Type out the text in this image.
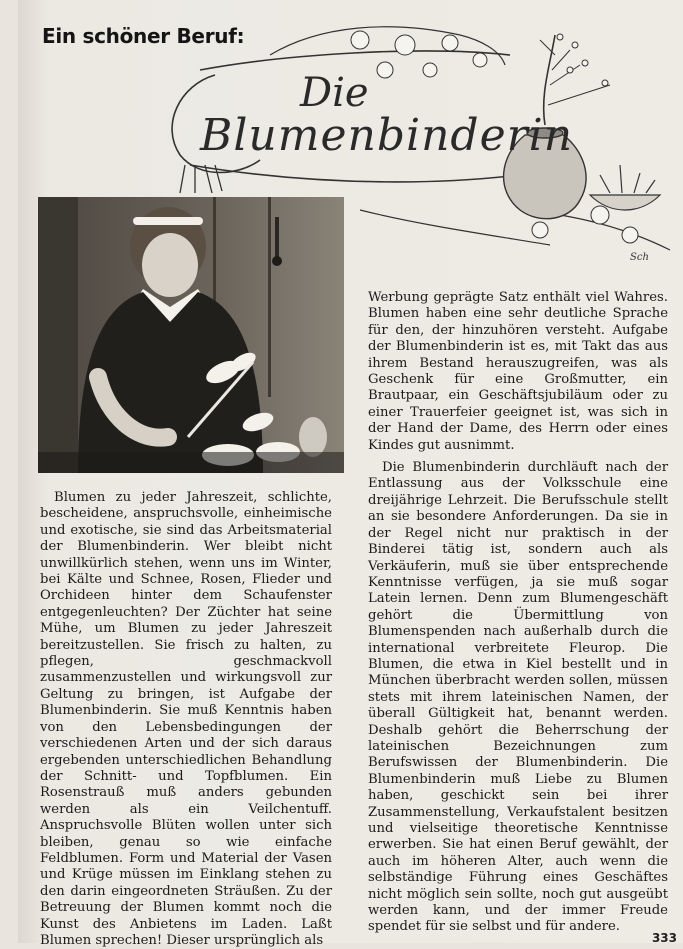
Sch
Ein schöner Beruf:
Die
Blumenbinderin

Blumen zu jeder Jahreszeit, schlichte, bescheidene, anspruchsvolle, einheimische und exotische, sie sind das Arbeitsmaterial der Blumenbinderin. Wer bleibt nicht unwillkürlich stehen, wenn uns im Winter, bei Kälte und Schnee, Rosen, Flieder und Orchideen hinter dem Schaufenster entgegenleuchten? Der Züchter hat seine Mühe, um Blumen zu jeder Jahreszeit bereitzustellen. Sie frisch zu halten, zu pflegen, geschmackvoll zusammenzustellen und wirkungsvoll zur Geltung zu bringen, ist Aufgabe der Blumenbinderin. Sie muß Kenntnis haben von den Lebensbedingungen der verschiedenen Arten und der sich daraus ergebenden unterschiedlichen Behandlung der Schnitt- und Topfblumen. Ein Rosenstrauß muß anders gebunden werden als ein Veilchentuff. Anspruchsvolle Blüten wollen unter sich bleiben, genau so wie einfache Feldblumen. Form und Material der Vasen und Krüge müssen im Einklang stehen zu den darin eingeordneten Sträußen. Zu der Betreuung der Blumen kommt noch die Kunst des Anbietens im Laden. Laßt Blumen sprechen! Dieser ursprünglich als

Werbung geprägte Satz enthält viel Wahres. Blumen haben eine sehr deutliche Sprache für den, der hinzuhören versteht. Aufgabe der Blumenbinderin ist es, mit Takt das aus ihrem Bestand herauszugreifen, was als Geschenk für eine Großmutter, ein Brautpaar, ein Geschäftsjubiläum oder zu einer Trauerfeier geeignet ist, was sich in der Hand der Dame, des Herrn oder eines Kindes gut ausnimmt.

Die Blumenbinderin durchläuft nach der Entlassung aus der Volksschule eine dreijährige Lehrzeit. Die Berufsschule stellt an sie besondere Anforderungen. Da sie in der Regel nicht nur praktisch in der Binderei tätig ist, sondern auch als Verkäuferin, muß sie über entsprechende Kenntnisse verfügen, ja sie muß sogar Latein lernen. Denn zum Blumengeschäft gehört die Übermittlung von Blumenspenden nach außerhalb durch die international verbreitete Fleurop. Die Blumen, die etwa in Kiel bestellt und in München überbracht werden sollen, müssen stets mit ihrem lateinischen Namen, der überall Gültigkeit hat, benannt werden. Deshalb gehört die Beherrschung der lateinischen Bezeichnungen zum Berufswissen der Blumenbinderin. Die Blumenbinderin muß Liebe zu Blumen haben, geschickt sein bei ihrer Zusammenstellung, Verkaufstalent besitzen und vielseitige theoretische Kenntnisse erwerben. Sie hat einen Beruf gewählt, der auch im höheren Alter, auch wenn die selbständige Führung eines Geschäftes nicht möglich sein sollte, noch gut ausgeübt werden kann, und der immer Freude spendet für sie selbst und für andere.

333
